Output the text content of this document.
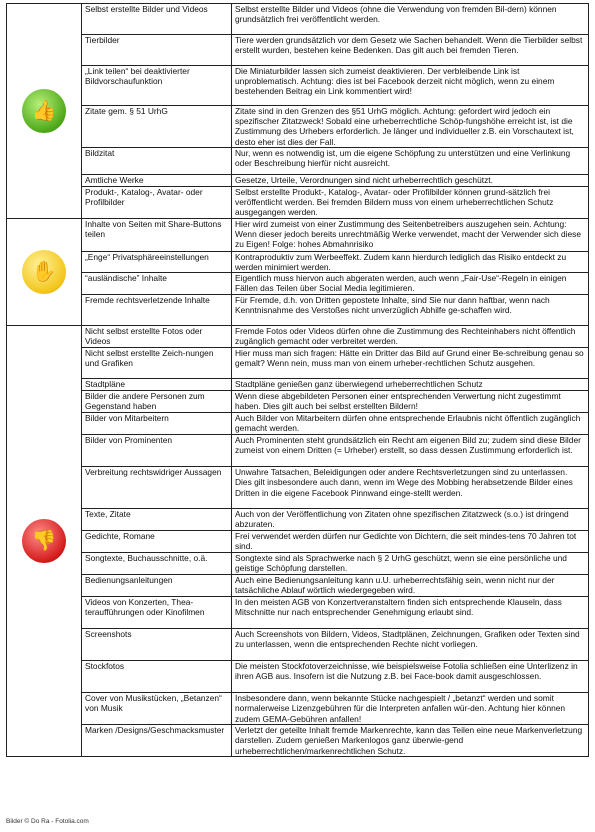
👍	Selbst erstellte Bilder und Videos	Selbst erstellte Bilder und Videos (ohne die Verwendung von fremden Bil-dern) können grundsätzlich frei veröffentlicht werden.
	Tierbilder	Tiere werden grundsätzlich vor dem Gesetz wie Sachen behandelt. Wenn die Tierbilder selbst erstellt wurden, bestehen keine Bedenken. Das gilt auch bei fremden Tieren.
	„Link teilen“ bei deaktivierter Bildvorschaufunktion	Die Miniaturbilder lassen sich zumeist deaktivieren. Der verbleibende Link ist unproblematisch. Achtung: dies ist bei Facebook derzeit nicht möglich, wenn zu einem bestehenden Beitrag ein Link kommentiert wird!
	Zitate gem. § 51 UrhG	Zitate sind in den Grenzen des §51 UrhG möglich. Achtung: gefordert wird jedoch ein spezifischer Zitatzweck! Sobald eine urheberrechtliche Schöp-fungshöhe erreicht ist, ist die Zustimmung des Urhebers erforderlich. Je länger und individueller z.B. ein Vorschautext ist, desto eher ist dies der Fall.
	Bildzitat	Nur, wenn es notwendig ist, um die eigene Schöpfung zu unterstützen und eine Verlinkung oder Beschreibung hierfür nicht ausreicht.
	Amtliche Werke	Gesetze, Urteile, Verordnungen sind nicht urheberrechtlich geschützt.
	Produkt-, Katalog-, Avatar- oder Profilbilder	Selbst erstellte Produkt-, Katalog-, Avatar- oder Profilbilder können grund-sätzlich frei veröffentlicht werden. Bei fremden Bildern muss von einem urheberrechtlichen Schutz ausgegangen werden.

✋	Inhalte von Seiten mit Share-Buttons teilen	Hier wird zumeist von einer Zustimmung des Seitenbetreibers auszugehen sein. Achtung: Wenn dieser jedoch bereits unrechtmäßig Werke verwendet, macht der Verwender sich diese zu Eigen! Folge: hohes Abmahnrisiko
	„Enge“ Privatsphäreeinstellungen	Kontraproduktiv zum Werbeeffekt. Zudem kann hierdurch lediglich das Risiko entdeckt zu werden minimiert werden.
	“ausländische” Inhalte	Eigentlich muss hiervon auch abgeraten werden, auch wenn „Fair-Use“-Regeln in einigen Fällen das Teilen über Social Media legitimieren.
	Fremde rechtsverletzende Inhalte	Für Fremde, d.h. von Dritten gepostete Inhalte, sind Sie nur dann haftbar, wenn nach Kenntnisnahme des Verstoßes nicht unverzüglich Abhilfe ge-schaffen wird.

👎	Nicht selbst erstellte Fotos oder Videos	Fremde Fotos oder Videos dürfen ohne die Zustimmung des Rechteinhabers nicht öffentlich zugänglich gemacht oder verbreitet werden.
	Nicht selbst erstellte Zeich-nungen und Grafiken	Hier muss man sich fragen: Hätte ein Dritter das Bild auf Grund einer Be-schreibung genau so gemalt? Wenn nein, muss man von einem urheber-rechtlichen Schutz ausgehen.
	Stadtpläne	Stadtpläne genießen ganz überwiegend urheberrechtlichen Schutz
	Bilder die andere Personen zum Gegenstand haben	Wenn diese abgebildeten Personen einer entsprechenden Verwertung nicht zugestimmt haben. Dies gilt auch bei selbst erstellten Bildern!
	Bilder von Mitarbeitern	Auch Bilder von Mitarbeitern dürfen ohne entsprechende Erlaubnis nicht öffentlich zugänglich gemacht werden.
	Bilder von Prominenten	Auch Prominenten steht grundsätzlich ein Recht am eigenen Bild zu; zudem sind diese Bilder zumeist von einem Dritten (= Urheber) erstellt, so dass dessen Zustimmung erforderlich ist.
	Verbreitung rechtswidriger Aussagen	Unwahre Tatsachen, Beleidigungen oder andere Rechtsverletzungen sind zu unterlassen. Dies gilt insbesondere auch dann, wenn im Wege des Mobbing herabsetzende Bilder eines Dritten in die eigene Facebook Pinnwand einge-stellt werden.
	Texte, Zitate	Auch von der Veröffentlichung von Zitaten ohne spezifischen Zitatzweck (s.o.) ist dringend abzuraten.
	Gedichte, Romane	Frei verwendet werden dürfen nur Gedichte von Dichtern, die seit mindes-tens 70 Jahren tot sind.
	Songtexte, Buchausschnitte, o.ä.	Songtexte sind als Sprachwerke nach § 2 UrhG geschützt, wenn sie eine persönliche und geistige Schöpfung darstellen.
	Bedienungsanleitungen	Auch eine Bedienungsanleitung kann u.U. urheberrechtsfähig sein, wenn nicht nur der tatsächliche Ablauf wörtlich wiedergegeben wird.
	Videos von Konzerten, Thea-teraufführungen oder Kinofilmen	In den meisten AGB von Konzertveranstaltern finden sich entsprechende Klauseln, dass Mitschnitte nur nach entsprechender Genehmigung erlaubt sind.
	Screenshots	Auch Screenshots von Bildern, Videos, Stadtplänen, Zeichnungen, Grafiken oder Texten sind zu unterlassen, wenn die entsprechenden Rechte nicht vorliegen.
	Stockfotos	Die meisten Stockfotoverzeichnisse, wie beispielsweise Fotolia schließen eine Unterlizenz in ihren AGB aus. Insofern ist die Nutzung z.B. bei Face-book damit ausgeschlossen.
	Cover von Musikstücken, „Betanzen“ von Musik	Insbesondere dann, wenn bekannte Stücke nachgespielt / „betanzt“ werden und somit normalerweise Lizenzgebühren für die Interpreten anfallen wür-den. Achtung hier können zudem GEMA-Gebühren anfallen!
	Marken /Designs/Geschmacksmuster	Verletzt der geteilte Inhalt fremde Markenrechte, kann das Teilen eine neue Markenverletzung darstellen. Zudem genießen Markenlogos ganz überwie-gend urheberrechtlichen/markenrechtlichen Schutz.
Bilder © Do Ra - Fotolia.com
